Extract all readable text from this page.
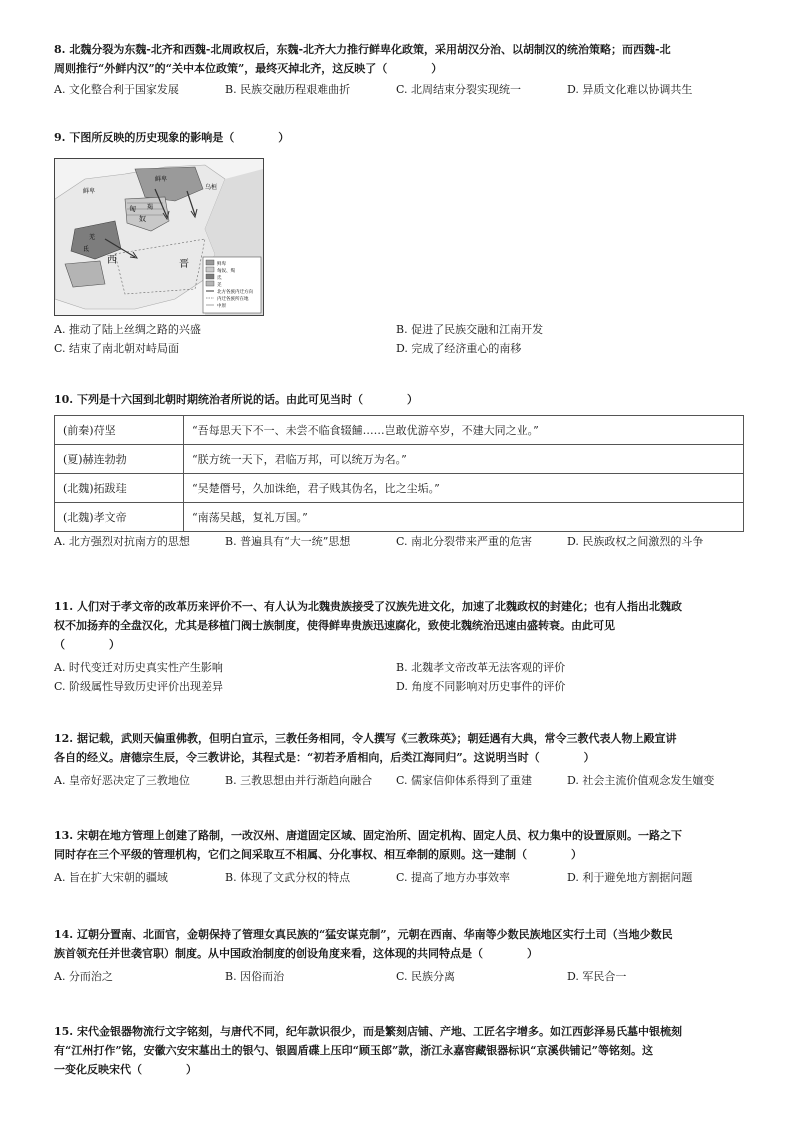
8. 北魏分裂为东魏-北齐和西魏-北周政权后，东魏-北齐大力推行鲜卑化政策，采用胡汉分治、以胡制汉的统治策略；而西魏-北

周则推行“外鲜内汉”的“关中本位政策”，最终灭掉北齐，这反映了（　　　　）

A. 文化整合利于国家发展	B. 民族交融历程艰难曲折	C. 北周结束分裂实现统一	D. 异质文化难以协调共生

9. 下图所反映的历史现象的影响是（　　　　）

鲜卑
匈
奴
羌
氐
羯
西	晋
乌桓
鲜卑
鲜卑
匈奴、羯
氐
羌
北方各族内迁方向
内迁各族所在地
中原
A. 推动了陆上丝绸之路的兴盛	B. 促进了民族交融和江南开发
C. 结束了南北朝对峙局面	D. 完成了经济重心的南移

10. 下列是十六国到北朝时期统治者所说的话。由此可见当时（　　　　）

(前秦)苻坚	“吾每思天下不一、未尝不临食辍餔……岂敢优游卒岁，不建大同之业。”
(夏)赫连勃勃	“朕方统一天下，君临万邦，可以统万为名。”
(北魏)拓跋珪	“吴楚僭号，久加诛绝，君子贱其伪名，比之尘垢。”
(北魏)孝文帝	“南荡吴越，复礼万国。”
A. 北方强烈对抗南方的思想	B. 普遍具有“大一统”思想	C. 南北分裂带来严重的危害	D. 民族政权之间激烈的斗争

11. 人们对于孝文帝的改革历来评价不一、有人认为北魏贵族接受了汉族先进文化，加速了北魏政权的封建化；也有人指出北魏政

权不加扬弃的全盘汉化，尤其是移植门阀士族制度，使得鲜卑贵族迅速腐化，致使北魏统治迅速由盛转衰。由此可见

（　　　　）

A. 时代变迁对历史真实性产生影响	B. 北魏孝文帝改革无法客观的评价
C. 阶级属性导致历史评价出现差异	D. 角度不同影响对历史事件的评价

12. 据记载，武则天偏重佛教，但明白宣示，三教任务相同，令人撰写《三教珠英》；朝廷遇有大典，常令三教代表人物上殿宣讲

各自的经义。唐德宗生辰，令三教讲论，其程式是：“初若矛盾相向，后类江海同归”。这说明当时（　　　　）

A. 皇帝好恶决定了三教地位	B. 三教思想由并行渐趋向融合	C. 儒家信仰体系得到了重建	D. 社会主流价值观念发生嬗变

13. 宋朝在地方管理上创建了路制，一改汉州、唐道固定区域、固定治所、固定机构、固定人员、权力集中的设置原则。一路之下

同时存在三个平级的管理机构，它们之间采取互不相属、分化事权、相互牵制的原则。这一建制（　　　　）

A. 旨在扩大宋朝的疆域	B. 体现了文武分权的特点	C. 提高了地方办事效率	D. 利于避免地方割据问题

14. 辽朝分置南、北面官，金朝保持了管理女真民族的“猛安谋克制”，元朝在西南、华南等少数民族地区实行土司（当地少数民

族首领充任并世袭官职）制度。从中国政治制度的创设角度来看，这体现的共同特点是（　　　　）

A. 分而治之	B. 因俗而治	C. 民族分离	D. 军民合一

15. 宋代金银器物流行文字铭刻，与唐代不同，纪年款识很少，而是繁刻店铺、产地、工匠名字增多。如江西彭泽易氏墓中银梳刻

有“江州打作”铭，安徽六安宋墓出土的银勺、银圆盾碟上压印“顾玉郎”款，浙江永嘉窖藏银器标识“京溪供铺记”等铭刻。这

一变化反映宋代（　　　　）
